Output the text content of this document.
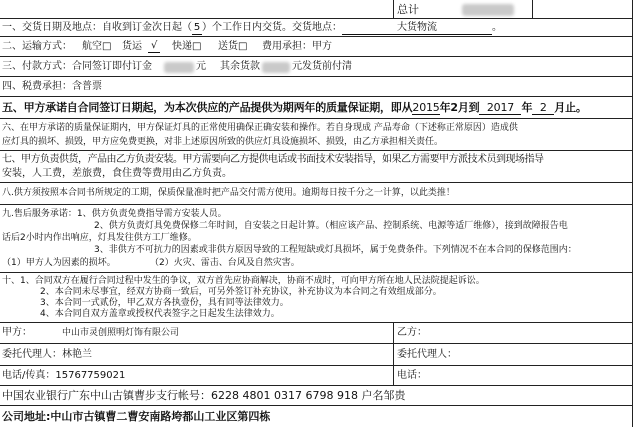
总计
一、交货日期及地点：自收到订金次日起（ 5 ）个工作日内交货。交货地点：	大货物流	。
二、运输方式： 航空□ 货运 √	快递□ 送货□ 费用承担：甲方
三、付款方式：合同签订即付订金	元 其余货款	元发货前付清
四、税费承担：含普票
五、甲方承诺自合同签订日期起，为本次供应的产品提供为期两年的质量保证期，即从2015年2月到 2017 年 2 月止。
六、在甲方承诺的质量保证期内，甲方保证灯具的正常使用确保正确安装和操作。若自身现成 产品寿命（下述称正常原因）造成供
应灯具的损坏、损毁，甲方应免费更换，对非上述原因所致的供应灯具设施损坏、损毁，由乙方承担相关责任。
七、甲方负责供货，产品由乙方负责安装。甲方需要向乙方提供电话或书面技术安装指导，如果乙方需要甲方派技术员到现场指导
安装，人工费，差旅费，食住费等费用由乙方负责。
八.供方须按照本合同书所规定的工期，保质保量准时把产品交付需方使用。逾期每日按千分之一计算，以此类推！
九.售后服务承诺：1、供方负责免费指导需方安装人员。
2、供方负责灯具免费保修二年时间，自安装之日起计算。（相应该产品、控制系统、电源等适厂维修），接到故障报告电
话后2小时内作出响应，灯具发往供方工厂维修。
3、非供方不可抗力的因素或非供方原因导致的工程短缺或灯具损坏，属于免费条件。下列情况不在本合同的保修范围内：
（1）甲方人为因素的损坏。	（2）火灾、雷击、台风及自然灾害。
十、1、合同双方在履行合同过程中发生的争议，双方首先应协商解决，协商不成时，可向甲方所在地人民法院提起诉讼。
2、本合同未尽事宜，经双方协商一致后，可另外签订补充协议，补充协议为本合同之有效组成部分。
3、本合同一式贰份，甲乙双方各执壹份，具有同等法律效力。
4、本合同自双方盖章或授权代表签字之日起发生法律效力。
甲方：	中山市灵创照明灯饰有限公司	乙方：
委托代理人：林艳兰	委托代理人：
电话/传真：15767759021	电话：
中国农业银行广东中山古镇曹步支行帐号：6228 4801 0317 6798 918 户名邹贵
公司地址:中山市古镇曹二曹安南路垮都山工业区第四栋
